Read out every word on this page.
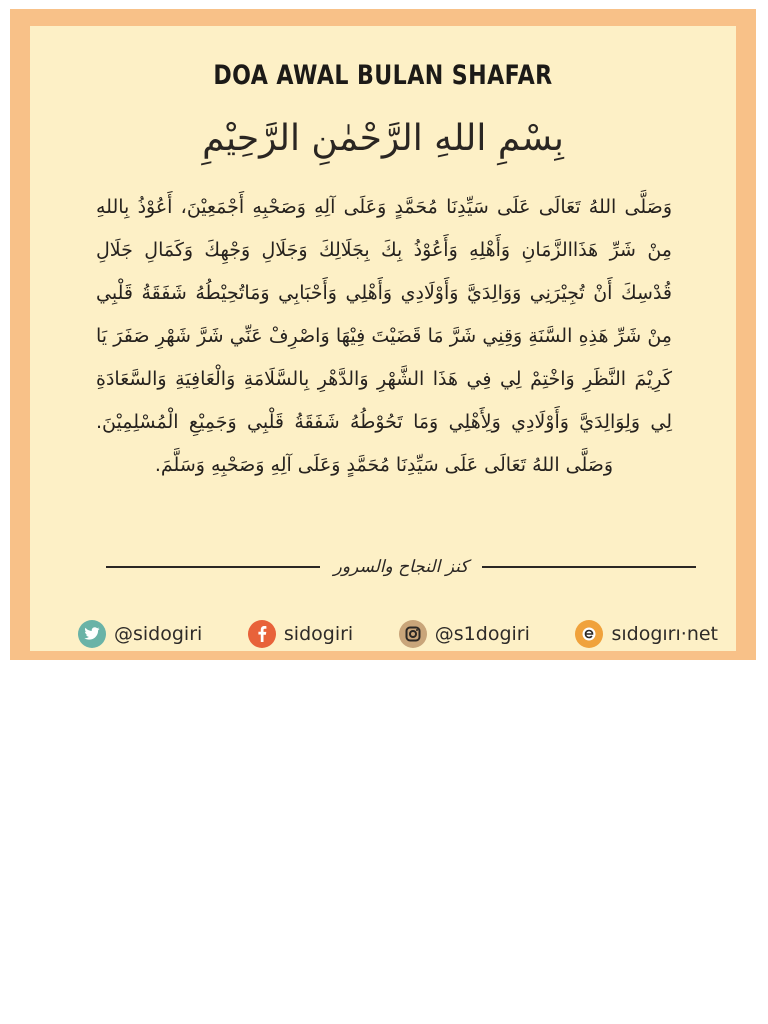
DOA AWAL BULAN SHAFAR
بِسْمِ اللهِ الرَّحْمٰنِ الرَّحِيْمِ

وَصَلَّى اللهُ تَعَالَى عَلَى سَيِّدِنَا مُحَمَّدٍ وَعَلَى آلِهِ وَصَحْبِهِ أَجْمَعِيْنَ، أَعُوْذُ بِاللهِ مِنْ شَرِّ هَذَاالزَّمَانِ وَأَهْلِهِ وَأَعُوْذُ بِكَ بِجَلَالِكَ وَجَلَالِ وَجْهِكَ وَكَمَالِ جَلَالِ قُدْسِكَ أَنْ تُجِيْرَنِي وَوَالِدَيَّ وَأَوْلَادِي وَأَهْلِي وَأَحْبَابِي وَمَاتُحِيْطُهُ شَفَقَةُ قَلْبِي مِنْ شَرِّ هَذِهِ السَّنَةِ وَقِنِي شَرَّ مَا قَضَيْتَ فِيْهَا وَاصْرِفْ عَنِّي شَرَّ شَهْرِ صَفَرَ يَا كَرِيْمَ النَّظَرِ وَاخْتِمْ لِي فِي هَذَا الشَّهْرِ وَالدَّهْرِ بِالسَّلَامَةِ وَالْعَافِيَةِ وَالسَّعَادَةِ لِي وَلِوَالِدَيَّ وَأَوْلَادِي وَلِأَهْلِي وَمَا تَحُوْطُهُ شَفَقَةُ قَلْبِي وَجَمِيْعِ الْمُسْلِمِيْنَ. وَصَلَّى اللهُ تَعَالَى عَلَى سَيِّدِنَا مُحَمَّدٍ وَعَلَى آلِهِ وَصَحْبِهِ وَسَلَّمَ.

كنز النجاح والسرور
@sidogiri	sidogiri	@s1dogiri	sıdogırı·net
